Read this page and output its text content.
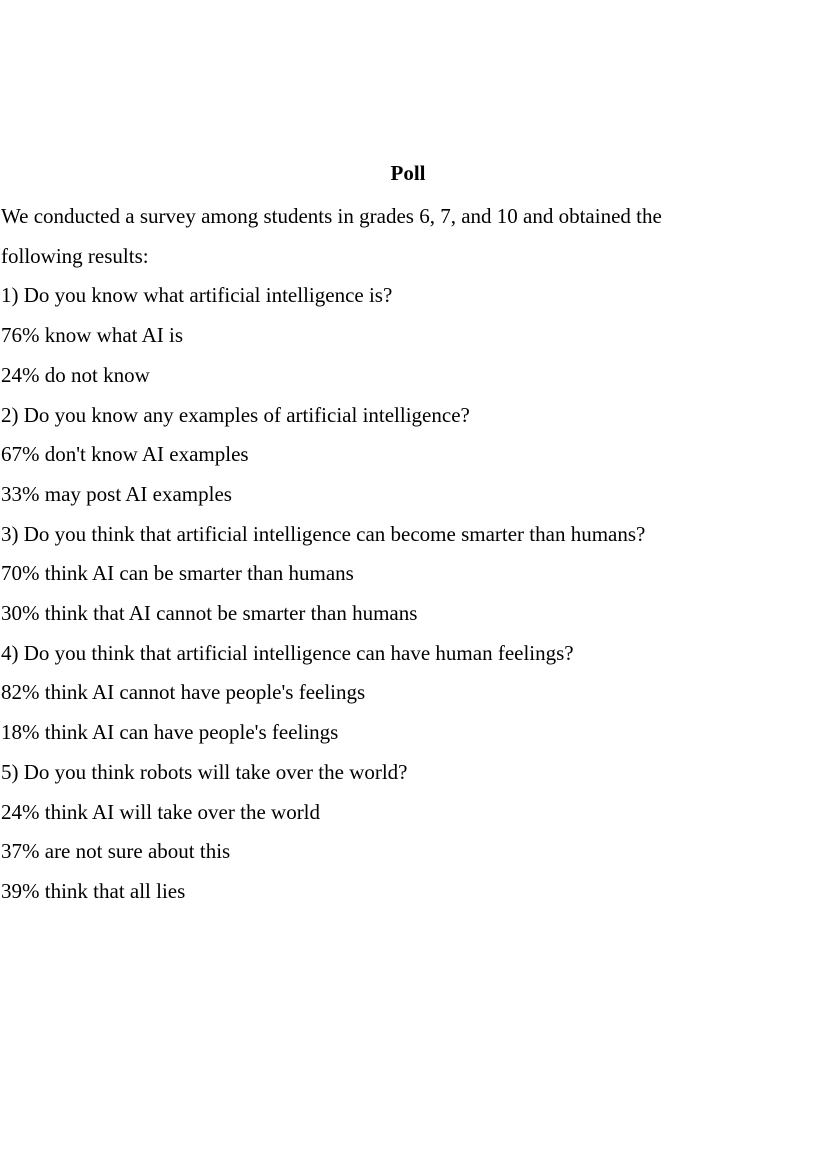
Poll

We conducted a survey among students in grades 6, 7, and 10 and obtained the

following results:

1) Do you know what artificial intelligence is?

76% know what AI is

24% do not know

2) Do you know any examples of artificial intelligence?

67% don't know AI examples

33% may post AI examples

3) Do you think that artificial intelligence can become smarter than humans?

70% think AI can be smarter than humans

30% think that AI cannot be smarter than humans

4) Do you think that artificial intelligence can have human feelings?

82% think AI cannot have people's feelings

18% think AI can have people's feelings

5) Do you think robots will take over the world?

24% think AI will take over the world

37% are not sure about this

39% think that all lies
